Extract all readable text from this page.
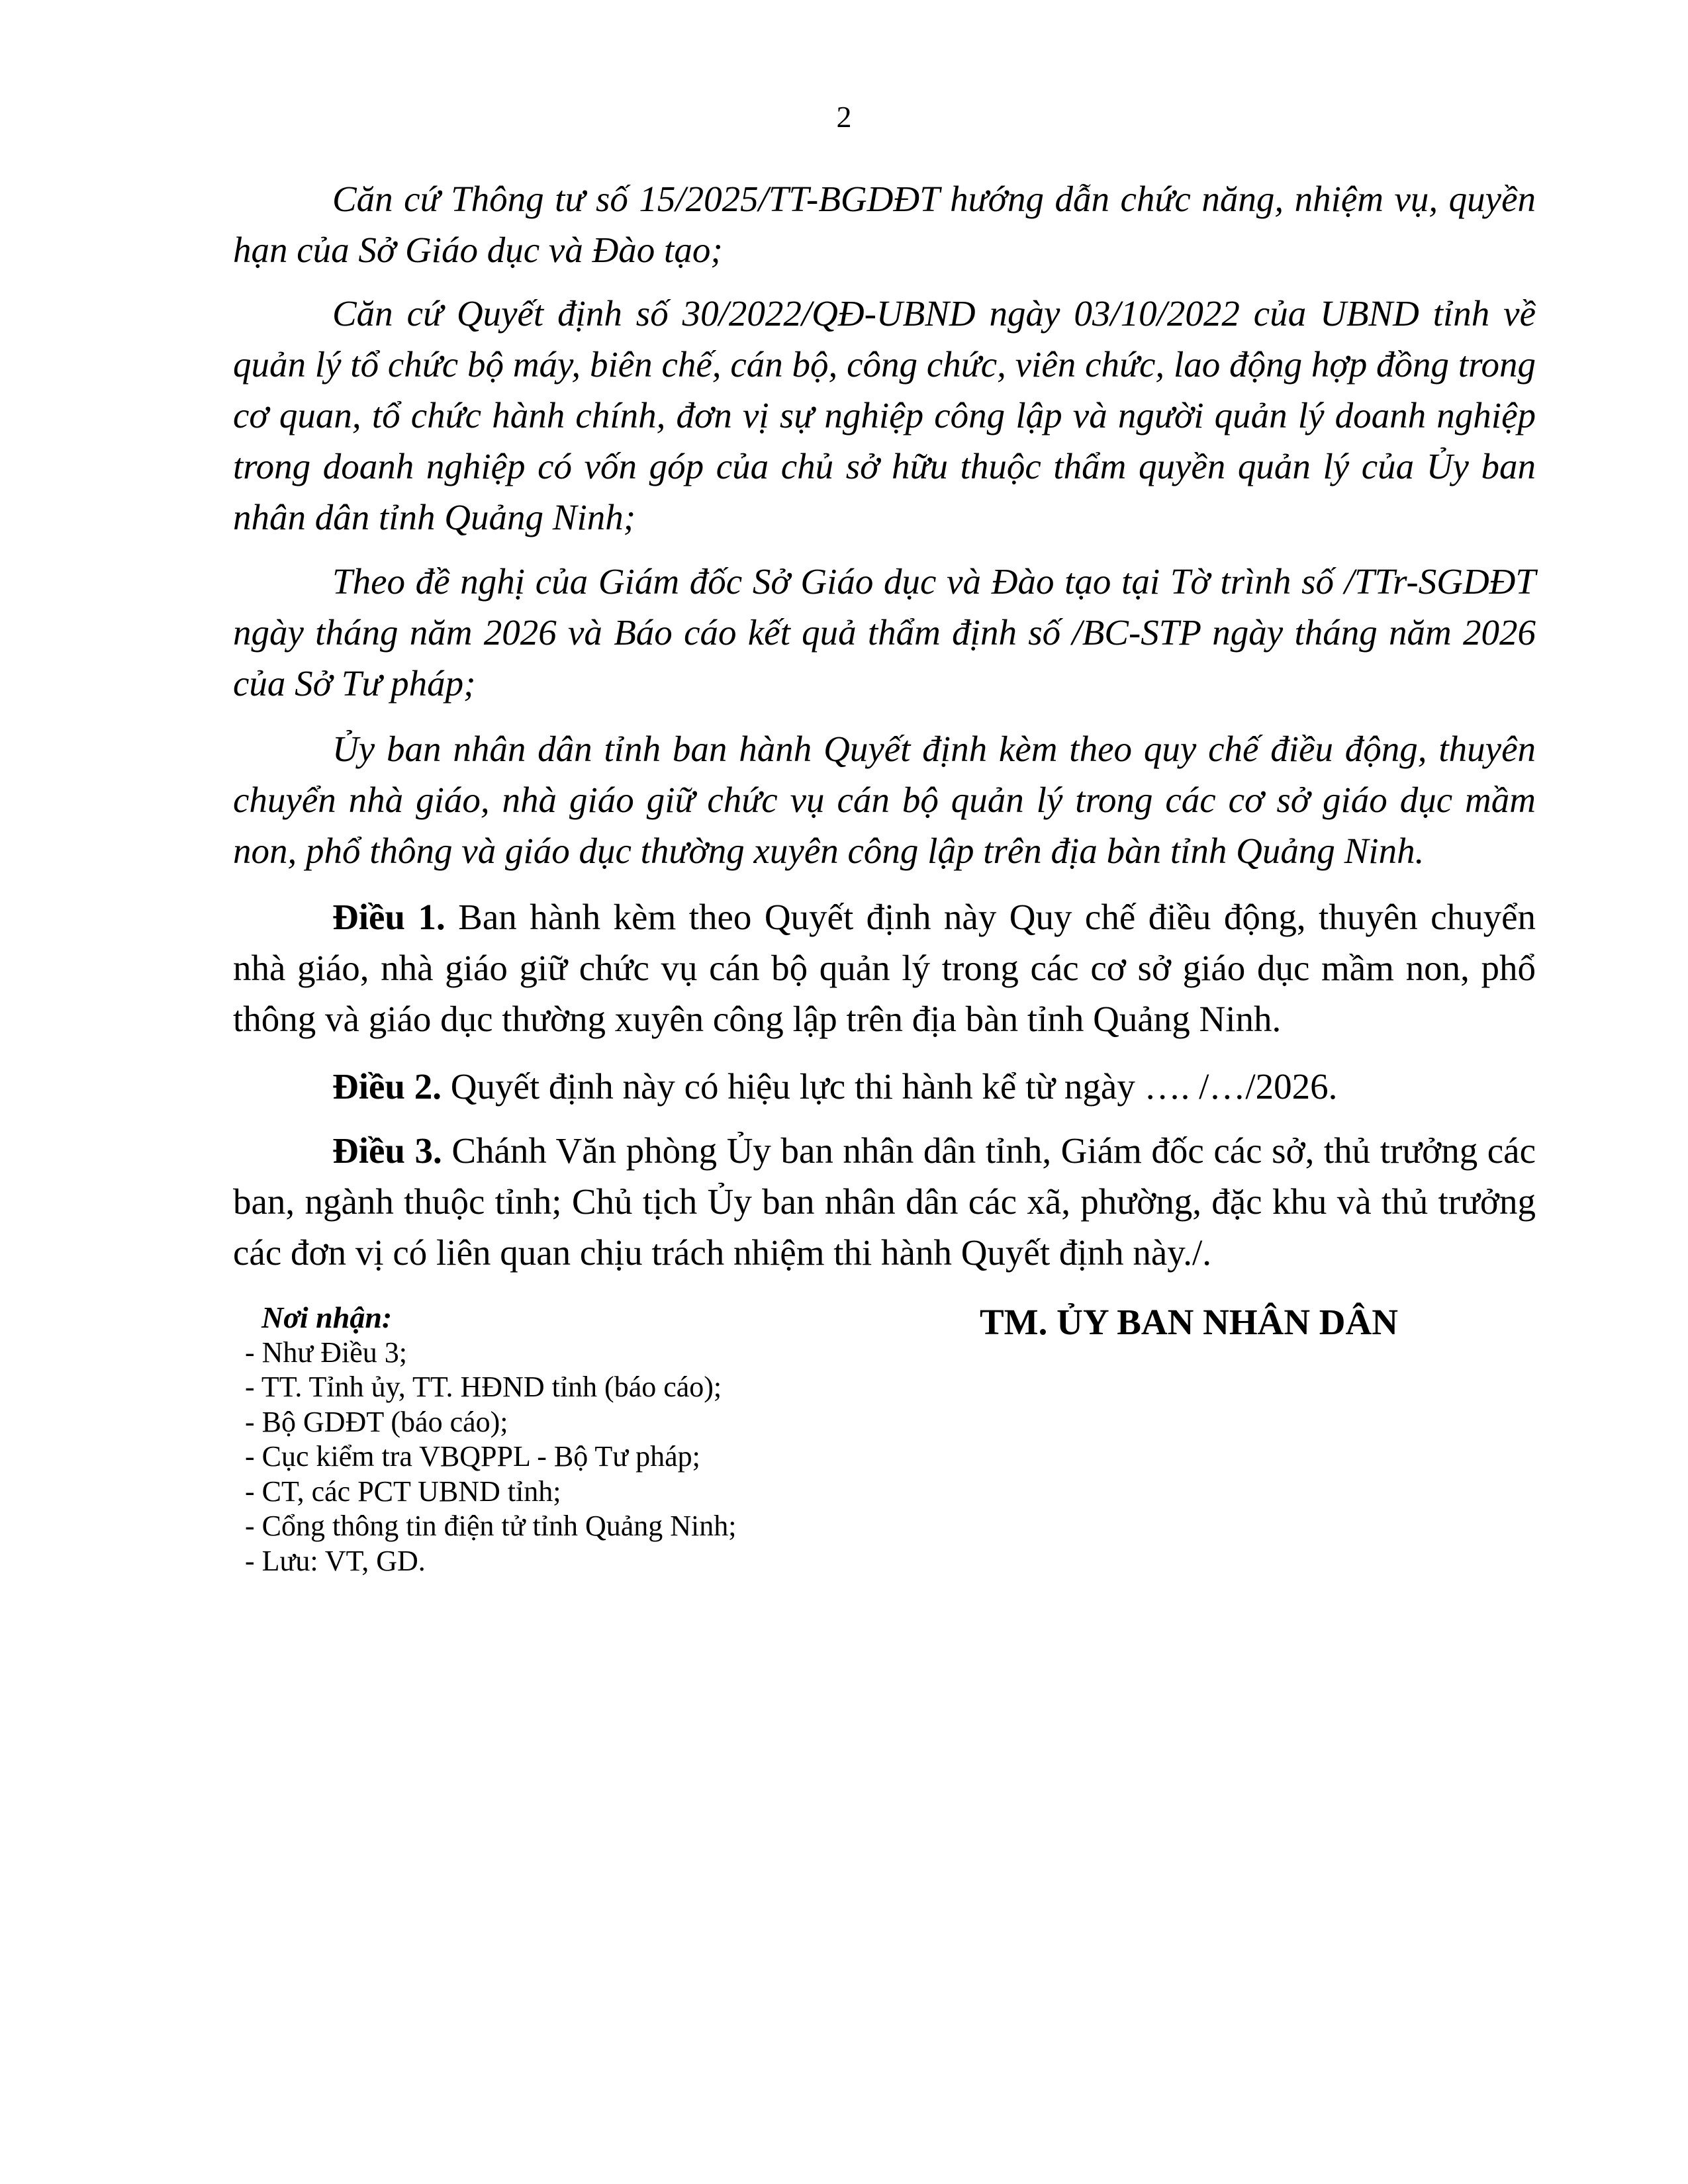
2

Căn cứ Thông tư số 15/2025/TT-BGDĐT hướng dẫn chức năng, nhiệm vụ, quyền hạn của Sở Giáo dục và Đào tạo;

Căn cứ Quyết định số 30/2022/QĐ-UBND ngày 03/10/2022 của UBND tỉnh về quản lý tổ chức bộ máy, biên chế, cán bộ, công chức, viên chức, lao động hợp đồng trong cơ quan, tổ chức hành chính, đơn vị sự nghiệp công lập và người quản lý doanh nghiệp trong doanh nghiệp có vốn góp của chủ sở hữu thuộc thẩm quyền quản lý của Ủy ban nhân dân tỉnh Quảng Ninh;

Theo đề nghị của Giám đốc Sở Giáo dục và Đào tạo tại Tờ trình số /TTr-SGDĐT ngày tháng năm 2026 và Báo cáo kết quả thẩm định số /BC-STP ngày tháng năm 2026 của Sở Tư pháp;

Ủy ban nhân dân tỉnh ban hành Quyết định kèm theo quy chế điều động, thuyên chuyển nhà giáo, nhà giáo giữ chức vụ cán bộ quản lý trong các cơ sở giáo dục mầm non, phổ thông và giáo dục thường xuyên công lập trên địa bàn tỉnh Quảng Ninh.

Điều 1. Ban hành kèm theo Quyết định này Quy chế điều động, thuyên chuyển nhà giáo, nhà giáo giữ chức vụ cán bộ quản lý trong các cơ sở giáo dục mầm non, phổ thông và giáo dục thường xuyên công lập trên địa bàn tỉnh Quảng Ninh.

Điều 2. Quyết định này có hiệu lực thi hành kể từ ngày …. /…/2026.

Điều 3. Chánh Văn phòng Ủy ban nhân dân tỉnh, Giám đốc các sở, thủ trưởng các ban, ngành thuộc tỉnh; Chủ tịch Ủy ban nhân dân các xã, phường, đặc khu và thủ trưởng các đơn vị có liên quan chịu trách nhiệm thi hành Quyết định này./.

Nơi nhận:
- Như Điều 3;
- TT. Tỉnh ủy, TT. HĐND tỉnh (báo cáo);
- Bộ GDĐT (báo cáo);
- Cục kiểm tra VBQPPL - Bộ Tư pháp;
- CT, các PCT UBND tỉnh;
- Cổng thông tin điện tử tỉnh Quảng Ninh;
- Lưu: VT, GD.
TM. ỦY BAN NHÂN DÂN
